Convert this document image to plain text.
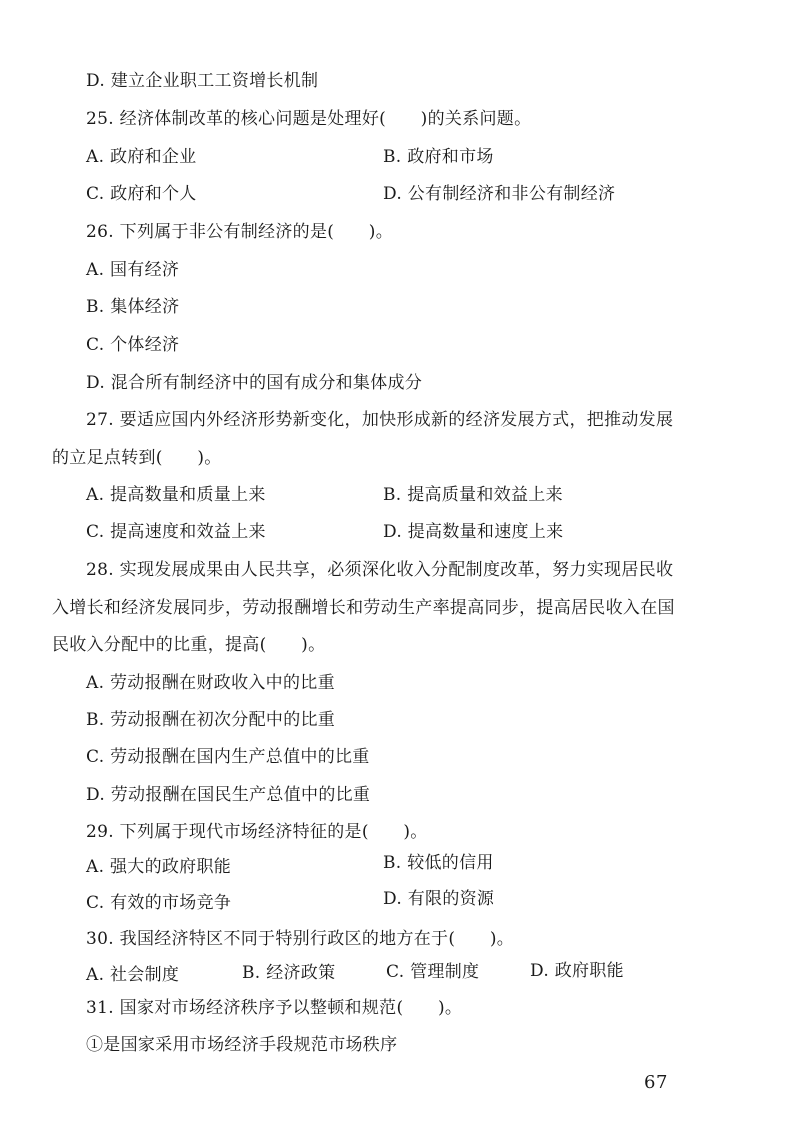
D. 建立企业职工工资增长机制
25. 经济体制改革的核心问题是处理好(　　)的关系问题。
A. 政府和企业	B. 政府和市场
C. 政府和个人	D. 公有制经济和非公有制经济
26. 下列属于非公有制经济的是(　　)。
A. 国有经济
B. 集体经济
C. 个体经济
D. 混合所有制经济中的国有成分和集体成分
27. 要适应国内外经济形势新变化，加快形成新的经济发展方式，把推动发展
的立足点转到(　　)。
A. 提高数量和质量上来	B. 提高质量和效益上来
C. 提高速度和效益上来	D. 提高数量和速度上来
28. 实现发展成果由人民共享，必须深化收入分配制度改革，努力实现居民收
入增长和经济发展同步，劳动报酬增长和劳动生产率提高同步，提高居民收入在国
民收入分配中的比重，提高(　　)。
A. 劳动报酬在财政收入中的比重
B. 劳动报酬在初次分配中的比重
C. 劳动报酬在国内生产总值中的比重
D. 劳动报酬在国民生产总值中的比重
29. 下列属于现代市场经济特征的是(　　)。
A. 强大的政府职能	B. 较低的信用
C. 有效的市场竞争	D. 有限的资源
30. 我国经济特区不同于特别行政区的地方在于(　　)。
A. 社会制度	B. 经济政策	C. 管理制度	D. 政府职能
31. 国家对市场经济秩序予以整顿和规范(　　)。
①是国家采用市场经济手段规范市场秩序
67
